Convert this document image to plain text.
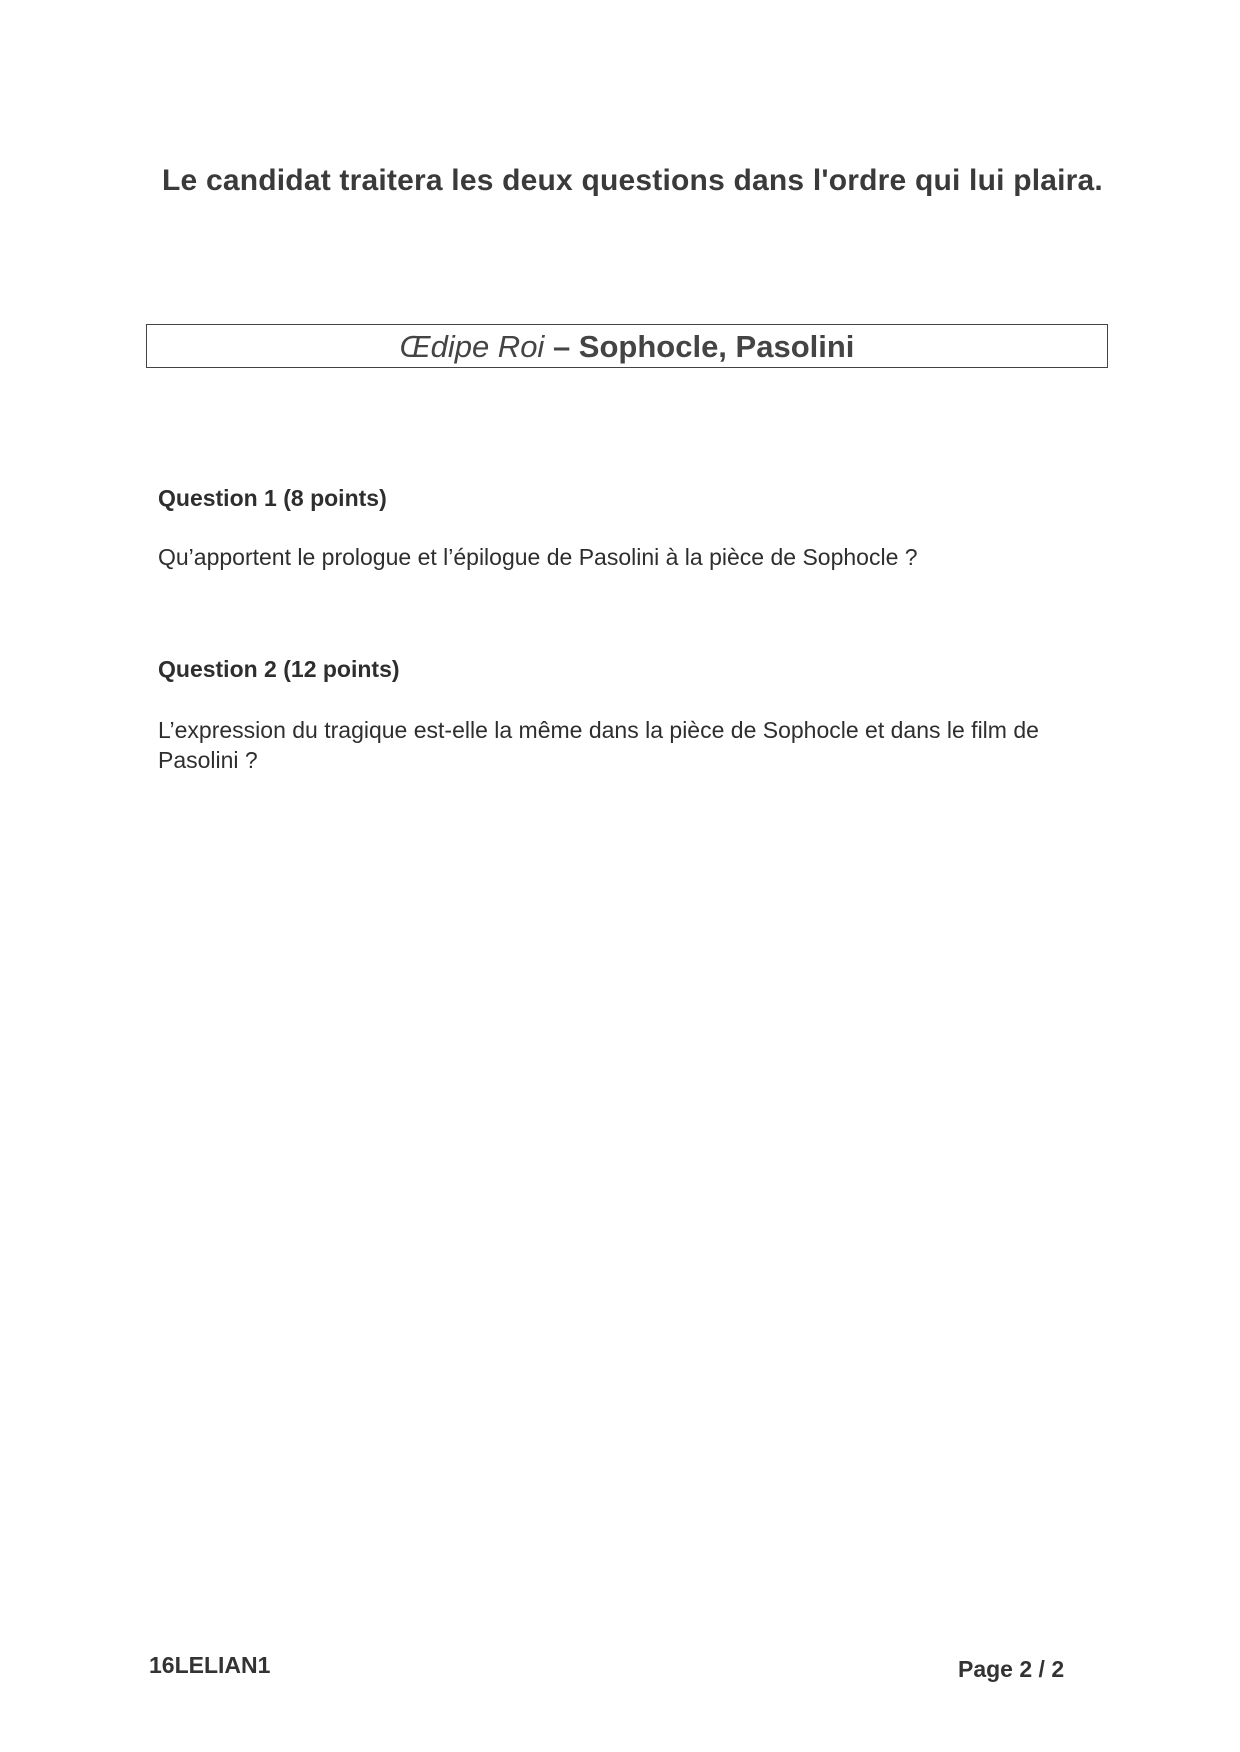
Le candidat traitera les deux questions dans l'ordre qui lui plaira.
Œdipe Roi – Sophocle, Pasolini
Question 1 (8 points)
Qu’apportent le prologue et l’épilogue de Pasolini à la pièce de Sophocle ?
Question 2 (12 points)
L’expression du tragique est-elle la même dans la pièce de Sophocle et dans le film de Pasolini ?
16LELIAN1	Page 2 / 2
